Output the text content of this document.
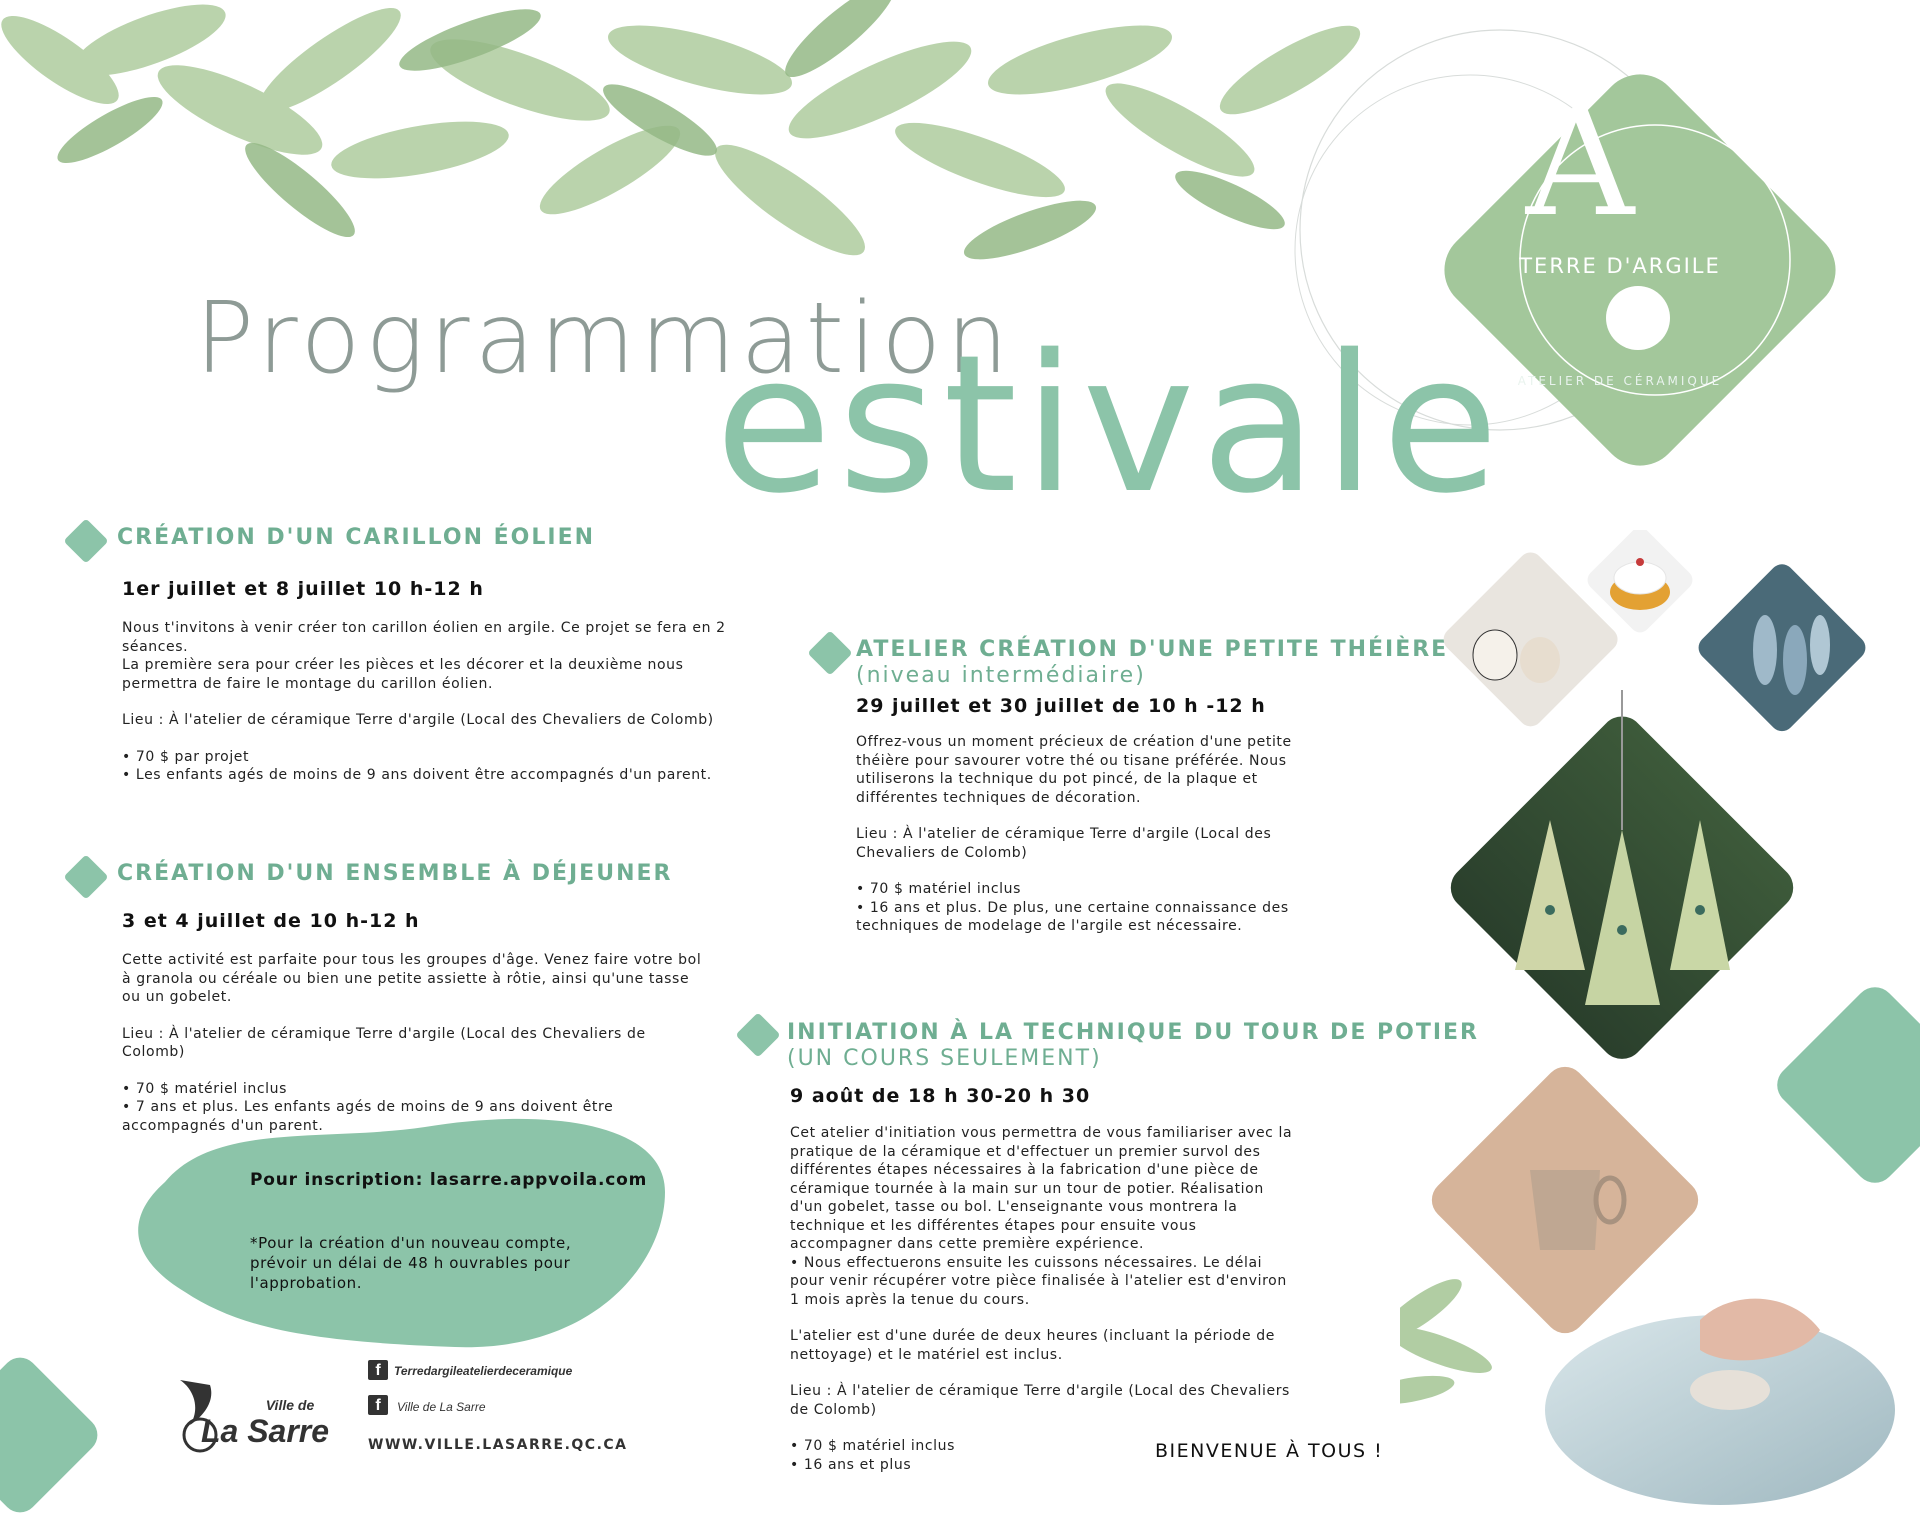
Programmation
estivale
A
TERRE D'ARGILE
ATELIER DE CÉRAMIQUE
CRÉATION D'UN CARILLON ÉOLIEN
1er juillet et 8 juillet 10 h-12 h

Nous t'invitons à venir créer ton carillon éolien en argile. Ce projet se fera en 2 séances.
La première sera pour créer les pièces et les décorer et la deuxième nous permettra de faire le montage du carillon éolien.

Lieu : À l'atelier de céramique Terre d'argile (Local des Chevaliers de Colomb)

• 70 $ par projet
• Les enfants agés de moins de 9 ans doivent être accompagnés d'un parent.
CRÉATION D'UN ENSEMBLE À DÉJEUNER
3 et 4 juillet de 10 h-12 h

Cette activité est parfaite pour tous les groupes d'âge. Venez faire votre bol à granola ou céréale ou bien une petite assiette à rôtie, ainsi qu'une tasse ou un gobelet.

Lieu : À l'atelier de céramique Terre d'argile (Local des Chevaliers de Colomb)

• 70 $ matériel inclus
• 7 ans et plus. Les enfants agés de moins de 9 ans doivent être accompagnés d'un parent.
ATELIER CRÉATION D'UNE PETITE THÉIÈRE
(niveau intermédiaire)
29 juillet et 30 juillet de 10 h -12 h

Offrez-vous un moment précieux de création d'une petite théière pour savourer votre thé ou tisane préférée. Nous utiliserons la technique du pot pincé, de la plaque et différentes techniques de décoration.

Lieu : À l'atelier de céramique Terre d'argile (Local des Chevaliers de Colomb)

• 70 $ matériel inclus
• 16 ans et plus. De plus, une certaine connaissance des techniques de modelage de l'argile est nécessaire.
INITIATION À LA TECHNIQUE DU TOUR DE POTIER
(UN COURS SEULEMENT)
9 août de 18 h 30-20 h 30

Cet atelier d'initiation vous permettra de vous familiariser avec la pratique de la céramique et d'effectuer un premier survol des différentes étapes nécessaires à la fabrication d'une pièce de céramique tournée à la main sur un tour de potier. Réalisation d'un gobelet, tasse ou bol. L'enseignante vous montrera la technique et les différentes étapes pour ensuite vous accompagner dans cette première expérience.
• Nous effectuerons ensuite les cuissons nécessaires. Le délai pour venir récupérer votre pièce finalisée à l'atelier est d'environ 1 mois après la tenue du cours.

L'atelier est d'une durée de deux heures (incluant la période de nettoyage) et le matériel est inclus.

Lieu : À l'atelier de céramique Terre d'argile (Local des Chevaliers de Colomb)

• 70 $ matériel inclus
• 16 ans et plus
Pour inscription: lasarre.appvoila.com
*Pour la création d'un nouveau compte, prévoir un délai de 48 h ouvrables pour l'approbation.
Ville de
La Sarre
f	Terredargileatelierdeceramique
f	Ville de La Sarre
WWW.VILLE.LASARRE.QC.CA	BIENVENUE À TOUS !
